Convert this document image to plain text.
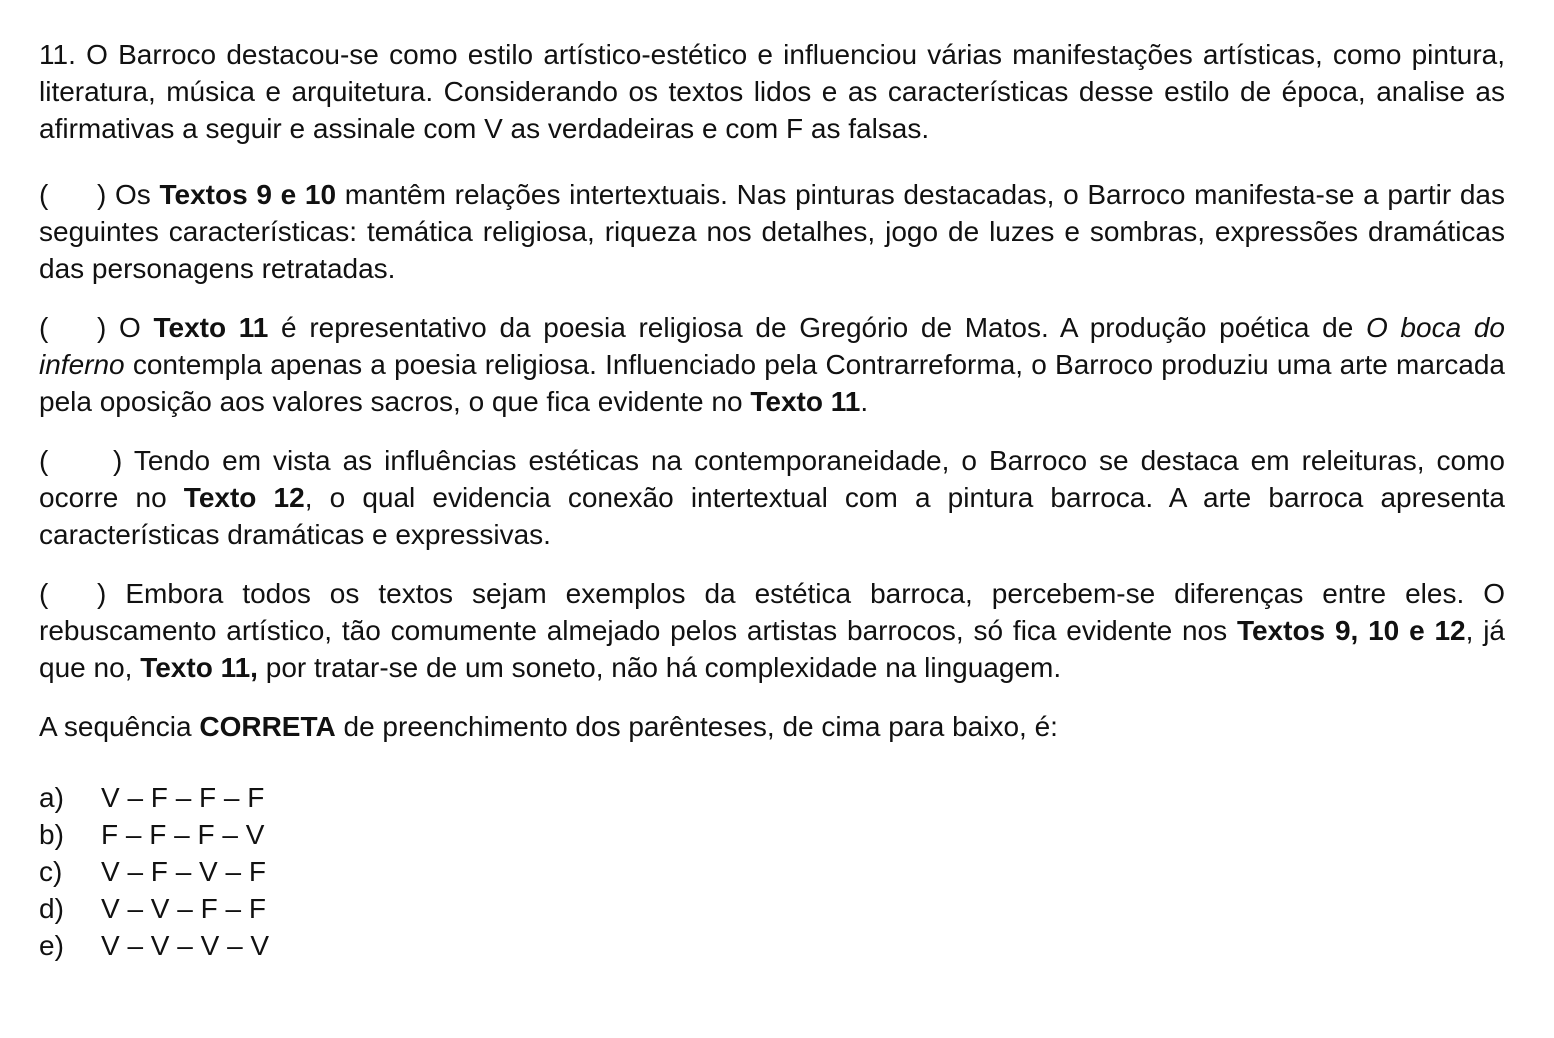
11. O Barroco destacou-se como estilo artístico-estético e influenciou várias manifestações artísticas, como pintura, literatura, música e arquitetura. Considerando os textos lidos e as características desse estilo de época, analise as afirmativas a seguir e assinale com V as verdadeiras e com F as falsas.

( ) Os Textos 9 e 10 mantêm relações intertextuais. Nas pinturas destacadas, o Barroco manifesta-se a partir das seguintes características: temática religiosa, riqueza nos detalhes, jogo de luzes e sombras, expressões dramáticas das personagens retratadas.

( ) O Texto 11 é representativo da poesia religiosa de Gregório de Matos. A produção poética de O boca do inferno contempla apenas a poesia religiosa. Influenciado pela Contrarreforma, o Barroco produziu uma arte marcada pela oposição aos valores sacros, o que fica evidente no Texto 11.

( ) Tendo em vista as influências estéticas na contemporaneidade, o Barroco se destaca em releituras, como ocorre no Texto 12, o qual evidencia conexão intertextual com a pintura barroca. A arte barroca apresenta características dramáticas e expressivas.

( ) Embora todos os textos sejam exemplos da estética barroca, percebem-se diferenças entre eles. O rebuscamento artístico, tão comumente almejado pelos artistas barrocos, só fica evidente nos Textos 9, 10 e 12, já que no, Texto 11, por tratar-se de um soneto, não há complexidade na linguagem.

A sequência CORRETA de preenchimento dos parênteses, de cima para baixo, é:

a)	V – F – F – F
b)	F – F – F – V
c)	V – F – V – F
d)	V – V – F – F
e)	V – V – V – V
